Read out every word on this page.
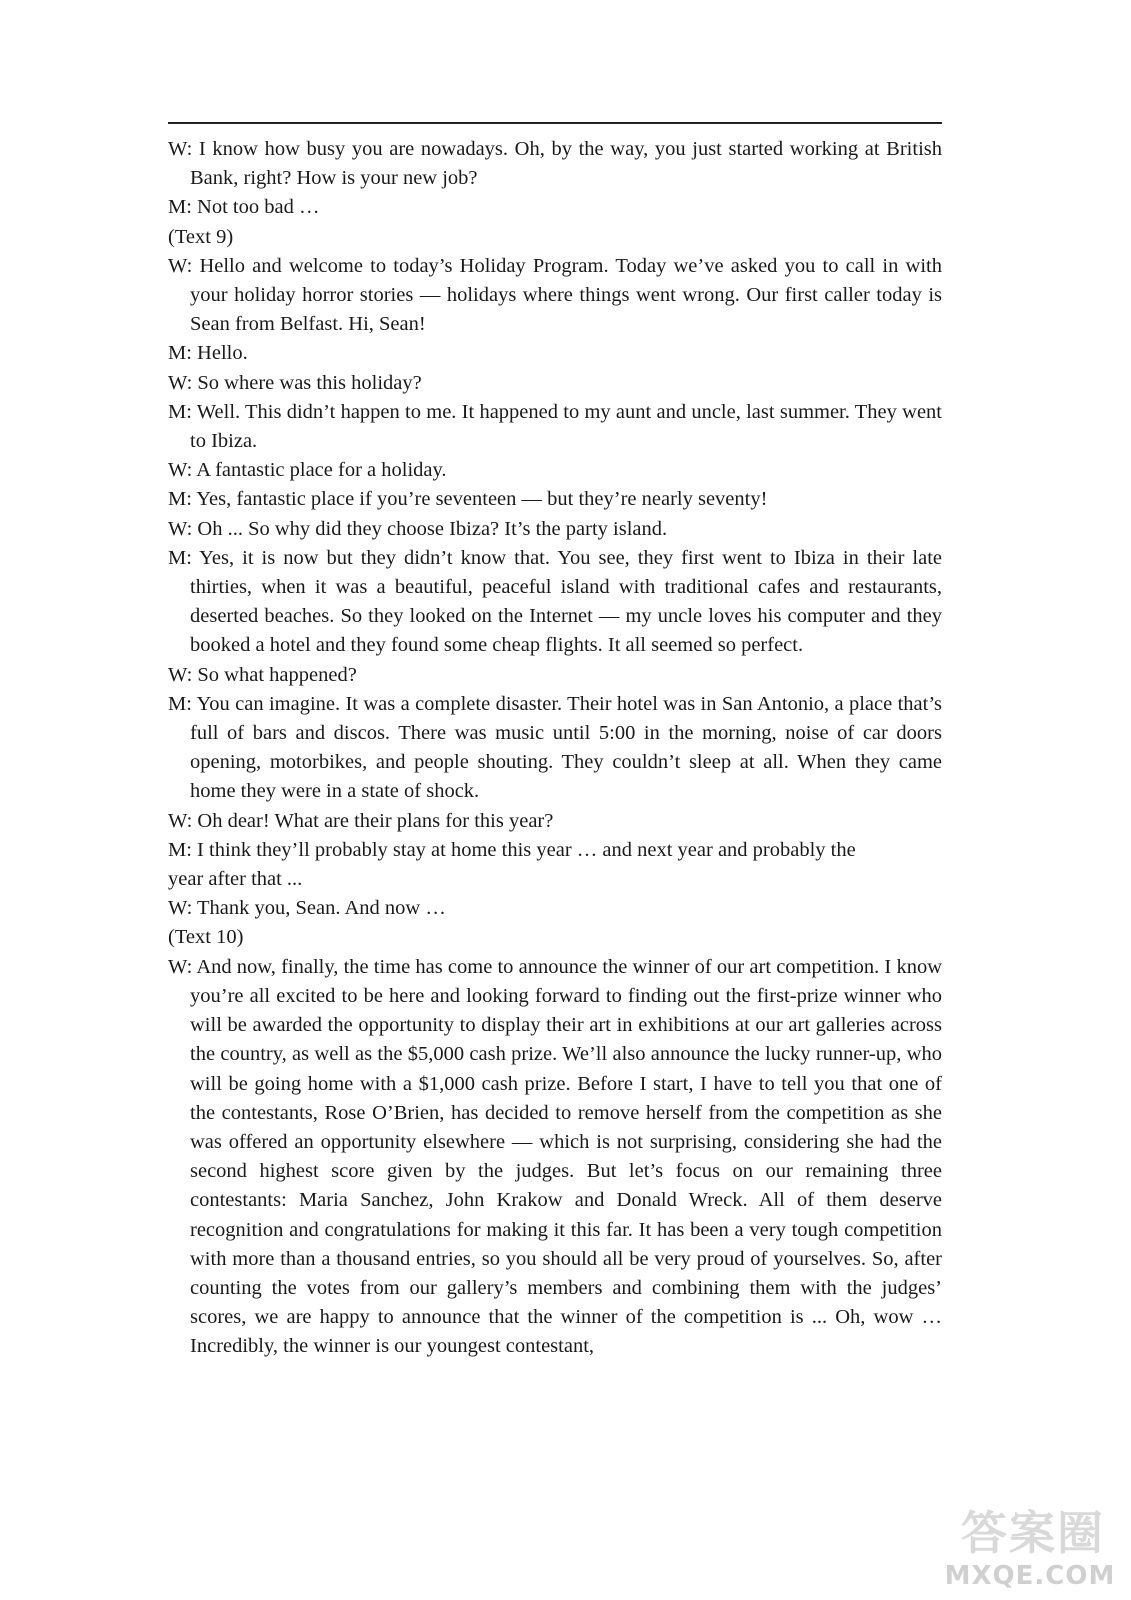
W: I know how busy you are nowadays. Oh, by the way, you just started working at British Bank, right? How is your new job?

M: Not too bad …

(Text 9)

W: Hello and welcome to today’s Holiday Program. Today we’ve asked you to call in with your holiday horror stories — holidays where things went wrong. Our first caller today is Sean from Belfast. Hi, Sean!

M: Hello.

W: So where was this holiday?

M: Well. This didn’t happen to me. It happened to my aunt and uncle, last summer. They went to Ibiza.

W: A fantastic place for a holiday.

M: Yes, fantastic place if you’re seventeen — but they’re nearly seventy!

W: Oh ... So why did they choose Ibiza? It’s the party island.

M: Yes, it is now but they didn’t know that. You see, they first went to Ibiza in their late thirties, when it was a beautiful, peaceful island with traditional cafes and restaurants, deserted beaches. So they looked on the Internet — my uncle loves his computer and they booked a hotel and they found some cheap flights. It all seemed so perfect.

W: So what happened?

M: You can imagine. It was a complete disaster. Their hotel was in San Antonio, a place that’s full of bars and discos. There was music until 5:00 in the morning, noise of car doors opening, motorbikes, and people shouting. They couldn’t sleep at all. When they came home they were in a state of shock.

W: Oh dear! What are their plans for this year?

M: I think they’ll probably stay at home this year … and next year and probably the

year after that ...

W: Thank you, Sean. And now …

(Text 10)

W: And now, finally, the time has come to announce the winner of our art competition. I know you’re all excited to be here and looking forward to finding out the first-prize winner who will be awarded the opportunity to display their art in exhibitions at our art galleries across the country, as well as the $5,000 cash prize. We’ll also announce the lucky runner-up, who will be going home with a $1,000 cash prize. Before I start, I have to tell you that one of the contestants, Rose O’Brien, has decided to remove herself from the competition as she was offered an opportunity elsewhere — which is not surprising, considering she had the second highest score given by the judges. But let’s focus on our remaining three contestants: Maria Sanchez, John Krakow and Donald Wreck. All of them deserve recognition and congratulations for making it this far. It has been a very tough competition with more than a thousand entries, so you should all be very proud of yourselves. So, after counting the votes from our gallery’s members and combining them with the judges’ scores, we are happy to announce that the winner of the competition is ... Oh, wow … Incredibly, the winner is our youngest contestant,

答案圈
MXQE.COM
